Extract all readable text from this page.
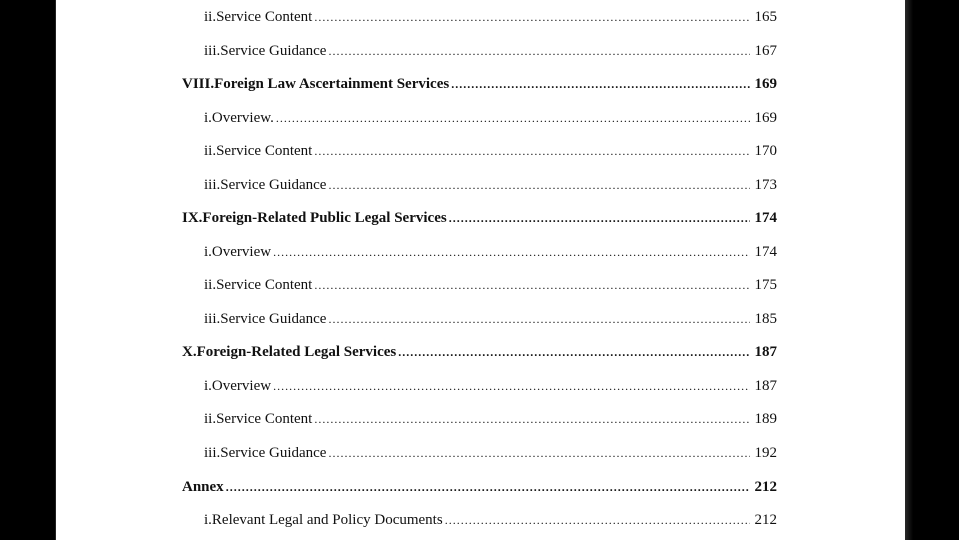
ii.Service Content .....	165
iii.Service Guidance .....	167
VIII.Foreign Law Ascertainment Services .....	169
i.Overview. .....	169
ii.Service Content .....	170
iii.Service Guidance .....	173
IX.Foreign-Related Public Legal Services .....	174
i.Overview .....	174
ii.Service Content .....	175
iii.Service Guidance .....	185
X.Foreign-Related Legal Services .....	187
i.Overview .....	187
ii.Service Content .....	189
iii.Service Guidance .....	192
Annex .....	212
i.Relevant Legal and Policy Documents .....	212
